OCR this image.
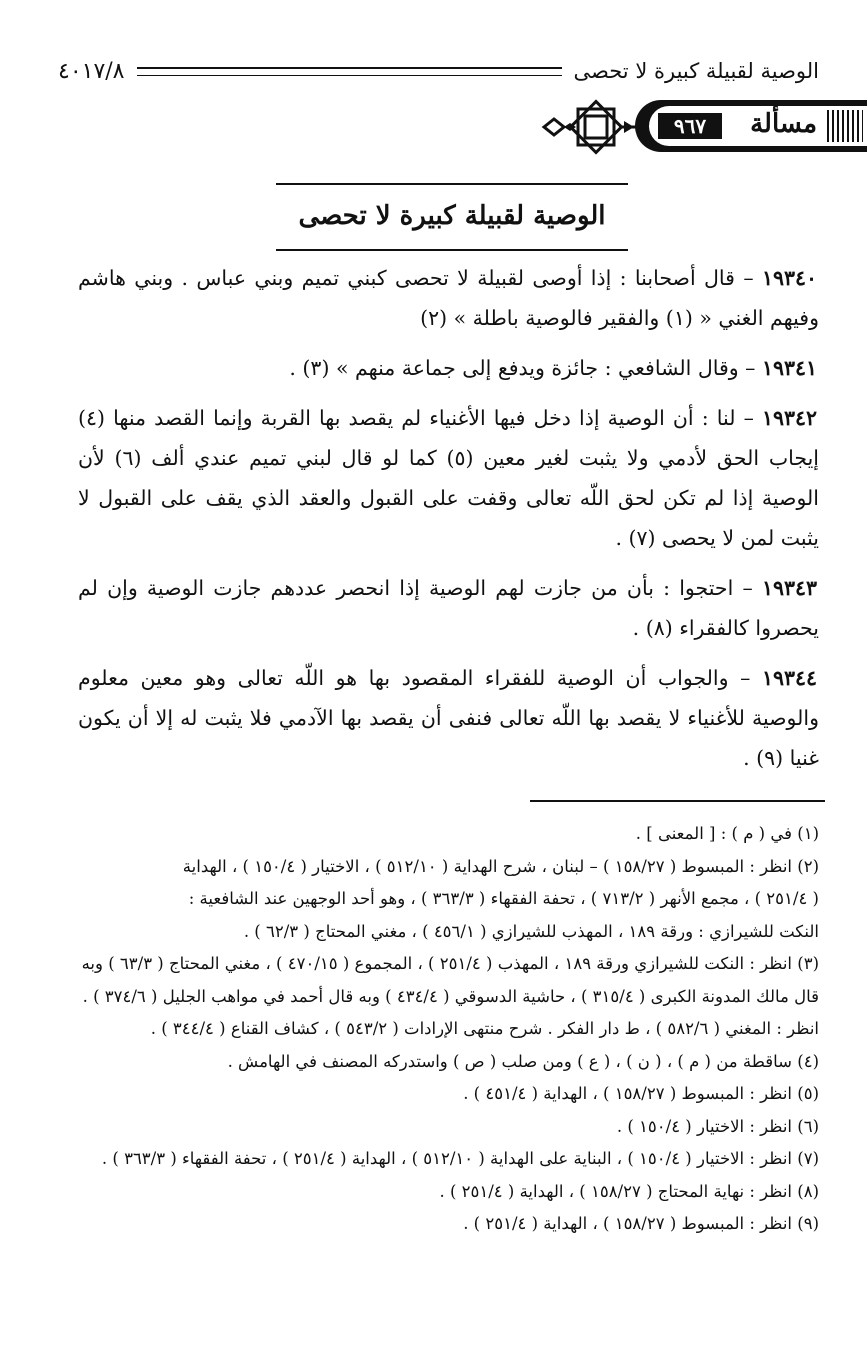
الوصية لقبيلة كبيرة لا تحصى
٤٠١٧/٨
مسألة
٩٦٧
الوصية لقبيلة كبيرة لا تحصى

١٩٣٤٠ – قال أصحابنا : إذا أوصى لقبيلة لا تحصى كبني تميم وبني عباس . وبني هاشم وفيهم الغني « (١) والفقير فالوصية باطلة » (٢)

١٩٣٤١ – وقال الشافعي : جائزة ويدفع إلى جماعة منهم » (٣) .

١٩٣٤٢ – لنا : أن الوصية إذا دخل فيها الأغنياء لم يقصد بها القربة وإنما القصد منها (٤) إيجاب الحق لأدمي ولا يثبت لغير معين (٥) كما لو قال لبني تميم عندي ألف (٦) لأن الوصية إذا لم تكن لحق اللّه تعالى وقفت على القبول والعقد الذي يقف على القبول لا يثبت لمن لا يحصى (٧) .

١٩٣٤٣ – احتجوا : بأن من جازت لهم الوصية إذا انحصر عددهم جازت الوصية وإن لم يحصروا كالفقراء (٨) .

١٩٣٤٤ – والجواب أن الوصية للفقراء المقصود بها هو اللّه تعالى وهو معين معلوم والوصية للأغنياء لا يقصد بها اللّه تعالى فنفى أن يقصد بها الآدمي فلا يثبت له إلا أن يكون غنيا (٩) .

(١) في ( م ) : [ المعنى ] .
(٢) انظر : المبسوط ( ١٥٨/٢٧ ) – لبنان ، شرح الهداية ( ٥١٢/١٠ ) ، الاختيار ( ١٥٠/٤ ) ، الهداية
( ٢٥١/٤ ) ، مجمع الأنهر ( ٧١٣/٢ ) ، تحفة الفقهاء ( ٣٦٣/٣ ) ، وهو أحد الوجهين عند الشافعية :
النكت للشيرازي : ورقة ١٨٩ ، المهذب للشيرازي ( ٤٥٦/١ ) ، مغني المحتاج ( ٦٢/٣ ) .
(٣) انظر : النكت للشيرازي ورقة ١٨٩ ، المهذب ( ٢٥١/٤ ) ، المجموع ( ٤٧٠/١٥ ) ، مغني المحتاج ( ٦٣/٣ ) وبه
قال مالك المدونة الكبرى ( ٣١٥/٤ ) ، حاشية الدسوقي ( ٤٣٤/٤ ) وبه قال أحمد في مواهب الجليل ( ٣٧٤/٦ ) .
انظر : المغني ( ٥٨٢/٦ ) ، ط دار الفكر . شرح منتهى الإرادات ( ٥٤٣/٢ ) ، كشاف القناع ( ٣٤٤/٤ ) .
(٤) ساقطة من ( م ) ، ( ن ) ، ( ع ) ومن صلب ( ص ) واستدركه المصنف في الهامش .
(٥) انظر : المبسوط ( ١٥٨/٢٧ ) ، الهداية ( ٤٥١/٤ ) .
(٦) انظر : الاختيار ( ١٥٠/٤ ) .
(٧) انظر : الاختيار ( ١٥٠/٤ ) ، البناية على الهداية ( ٥١٢/١٠ ) ، الهداية ( ٢٥١/٤ ) ، تحفة الفقهاء ( ٣٦٣/٣ ) .
(٨) انظر : نهاية المحتاج ( ١٥٨/٢٧ ) ، الهداية ( ٢٥١/٤ ) .
(٩) انظر : المبسوط ( ١٥٨/٢٧ ) ، الهداية ( ٢٥١/٤ ) .
